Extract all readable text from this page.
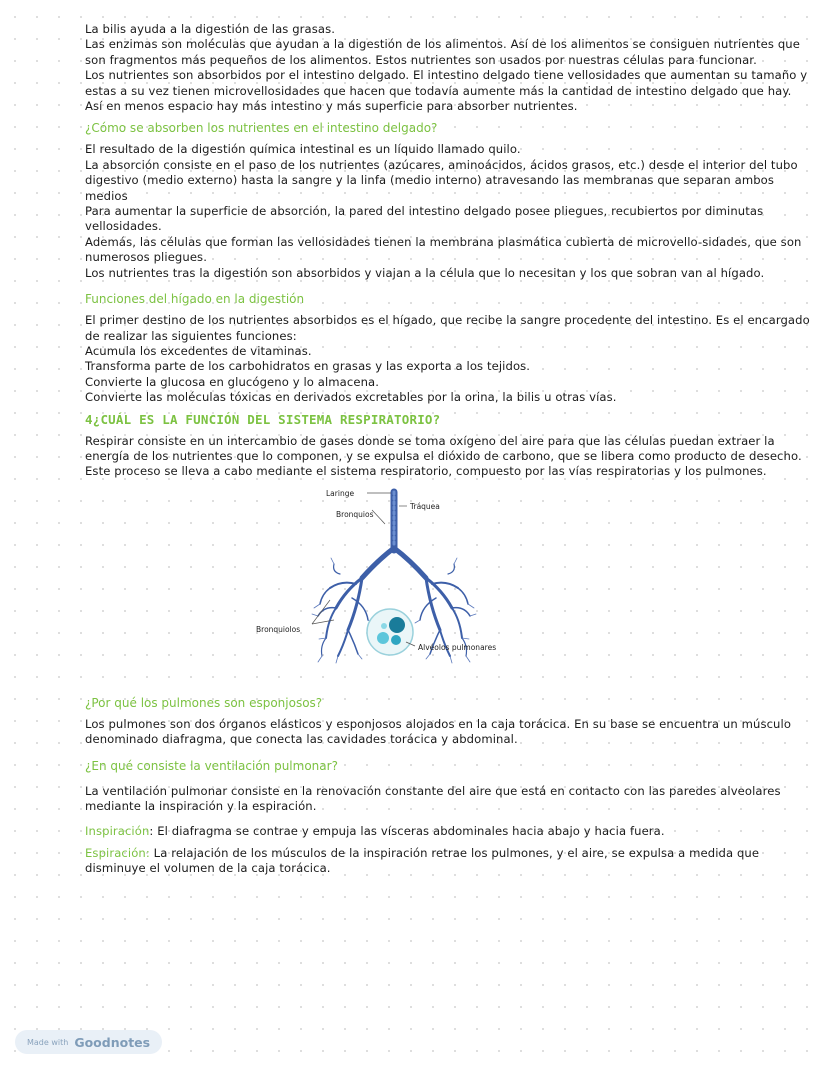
La bilis ayuda a la digestión de las grasas.

Las enzimas son moléculas que ayudan a la digestión de los alimentos. Así de los alimentos se consiguen nutrientes que son fragmentos más pequeños de los alimentos. Estos nutrientes son usados por nuestras células para funcionar.

Los nutrientes son absorbidos por el intestino delgado. El intestino delgado tiene vellosidades que aumentan su tamaño y estas a su vez tienen microvellosidades que hacen que todavía aumente más la cantidad de intestino delgado que hay. Así en menos espacio hay más intestino y más superficie para absorber nutrientes.

¿Cómo se absorben los nutrientes en el intestino delgado?

El resultado de la digestión química intestinal es un líquido llamado quilo.

La absorción consiste en el paso de los nutrientes (azúcares, aminoácidos, ácidos grasos, etc.) desde el interior del tubo digestivo (medio externo) hasta la sangre y la linfa (medio interno) atravesando las membranas que separan ambos medios

Para aumentar la superficie de absorción, la pared del intestino delgado posee pliegues, recubiertos por diminutas vellosidades.

Además, las células que forman las vellosidades tienen la membrana plasmática cubierta de microvello-sidades, que son numerosos pliegues.

Los nutrientes tras la digestión son absorbidos y viajan a la célula que lo necesitan y los que sobran van al hígado.

Funciones del hígado en la digestión

El primer destino de los nutrientes absorbidos es el hígado, que recibe la sangre procedente del intestino. Es el encargado de realizar las siguientes funciones:

Acumula los excedentes de vitaminas.

Transforma parte de los carbohidratos en grasas y las exporta a los tejidos.

Convierte la glucosa en glucógeno y lo almacena.

Convierte las moléculas tóxicas en derivados excretables por la orina, la bilis u otras vías.

4¿CUÁL ES LA FUNCIÓN DEL SISTEMA RESPIRATORIO?

Respirar consiste en un intercambio de gases donde se toma oxígeno del aire para que las células puedan extraer la energía de los nutrientes que lo componen, y se expulsa el dióxido de carbono, que se libera como producto de desecho.

Este proceso se lleva a cabo mediante el sistema respiratorio, compuesto por las vías respiratorias y los pulmones.

Laringe
Tráquea
Bronquios
Bronquiolos
Alvéolos pulmonares

¿Por qué los pulmones son esponjosos?

Los pulmones son dos órganos elásticos y esponjosos alojados en la caja torácica. En su base se encuentra un músculo denominado diafragma, que conecta las cavidades torácica y abdominal.

¿En qué consiste la ventilación pulmonar?

La ventilación pulmonar consiste en la renovación constante del aire que está en contacto con las paredes alveolares mediante la inspiración y la espiración.

Inspiración: El diafragma se contrae y empuja las vísceras abdominales hacia abajo y hacia fuera.

Espiración: La relajación de los músculos de la inspiración retrae los pulmones, y el aire, se expulsa a medida que disminuye el volumen de la caja torácica.

Made with Goodnotes
